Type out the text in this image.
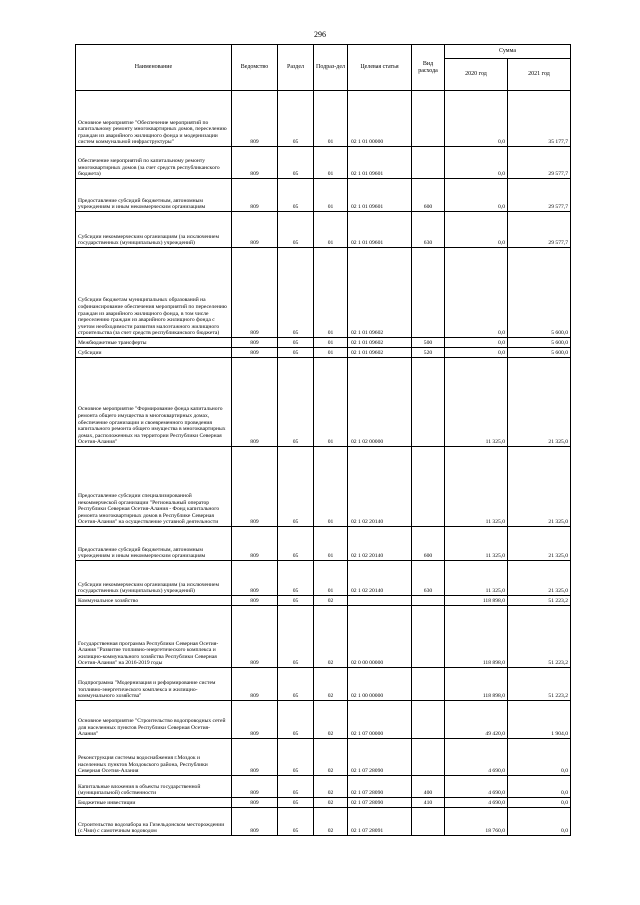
296
Наименование	Ведомство	Раздел	Подраз-дел	Целевая статья	Вид расхода	Сумма	
						2020 год	2021 год
Основное мероприятие "Обеспечение мероприятий по капитальному ремонту многоквартирных домов, переселению граждан из аварийного жилищного фонда и модернизации систем коммунальной инфраструктуры"	809	05	01	02 1 01 00000		0,0	35 177,7
Обеспечение мероприятий по капитальному ремонту многоквартирных домов (за счет средств республиканского бюджета)	809	05	01	02 1 01 09601		0,0	29 577,7
Предоставление субсидий бюджетным, автономным учреждениям и иным некоммерческим организациям	809	05	01	02 1 01 09601	600	0,0	29 577,7
Субсидии некоммерческим организациям (за исключением государственных (муниципальных) учреждений)	809	05	01	02 1 01 09601	630	0,0	29 577,7
Субсидии бюджетам муниципальных образований на софинансирование обеспечения мероприятий по переселению граждан из аварийного жилищного фонда, в том числе переселению граждан из аварийного жилищного фонда с учетом необходимости развития малоэтажного жилищного строительства (за счет средств республиканского бюджета)	809	05	01	02 1 01 09602		0,0	5 600,0
Межбюджетные трансферты	809	05	01	02 1 01 09602	500	0,0	5 600,0
Субсидии	809	05	01	02 1 01 09602	520	0,0	5 600,0
Основное мероприятие "Формирование фонда капитального ремонта общего имущества в многоквартирных домах, обеспечение организации и своевременного проведения капитального ремонта общего имущества в многоквартирных домах, расположенных на территории Республики Северная Осетия-Алания"	809	05	01	02 1 02 00000		11 325,0	21 325,0
Предоставление субсидии специализированной некоммерческой организации "Региональный оператор Республики Северная Осетия-Алания - Фонд капитального ремонта многоквартирных домов в Республике Северная Осетия-Алания" на осуществление уставной деятельности	809	05	01	02 1 02 20140		11 325,0	21 325,0
Предоставление субсидий бюджетным, автономным учреждениям и иным некоммерческим организациям	809	05	01	02 1 02 20140	600	11 325,0	21 325,0
Субсидии некоммерческим организациям (за исключением государственных (муниципальных) учреждений)	809	05	01	02 1 02 20140	630	11 325,0	21 325,0
Коммунальное хозяйство	809	05	02			118 898,0	51 223,2
Государственная программа Республики Северная Осетия-Алания "Развитие топливно-энергетического комплекса и жилищно-коммунального хозяйства Республики Северная Осетия-Алания" на 2016-2019 годы	809	05	02	02 0 00 00000		118 898,0	51 223,2
Подпрограмма "Модернизация и реформирование систем топливно-энергетического комплекса и жилищно-коммунального хозяйства"	809	05	02	02 1 00 00000		118 898,0	51 223,2
Основное мероприятие "Строительство водопроводных сетей для населенных пунктов Республики Северная Осетия-Алания"	809	05	02	02 1 07 00000		49 420,0	1 904,0
Реконструкция системы водоснабжения г.Моздок и населенных пунктов Моздокского района, Республики Северная Осетия-Алания	809	05	02	02 1 07 28090		4 690,0	0,0
Капитальные вложения в объекты государственной (муниципальной) собственности	809	05	02	02 1 07 28090	400	4 690,0	0,0
Бюджетные инвестиции	809	05	02	02 1 07 28090	410	4 690,0	0,0
Строительство водозабора на Гизельдонском месторождении (с.Чми) с самотечным водоводом	809	05	02	02 1 07 28091		18 760,0	0,0
